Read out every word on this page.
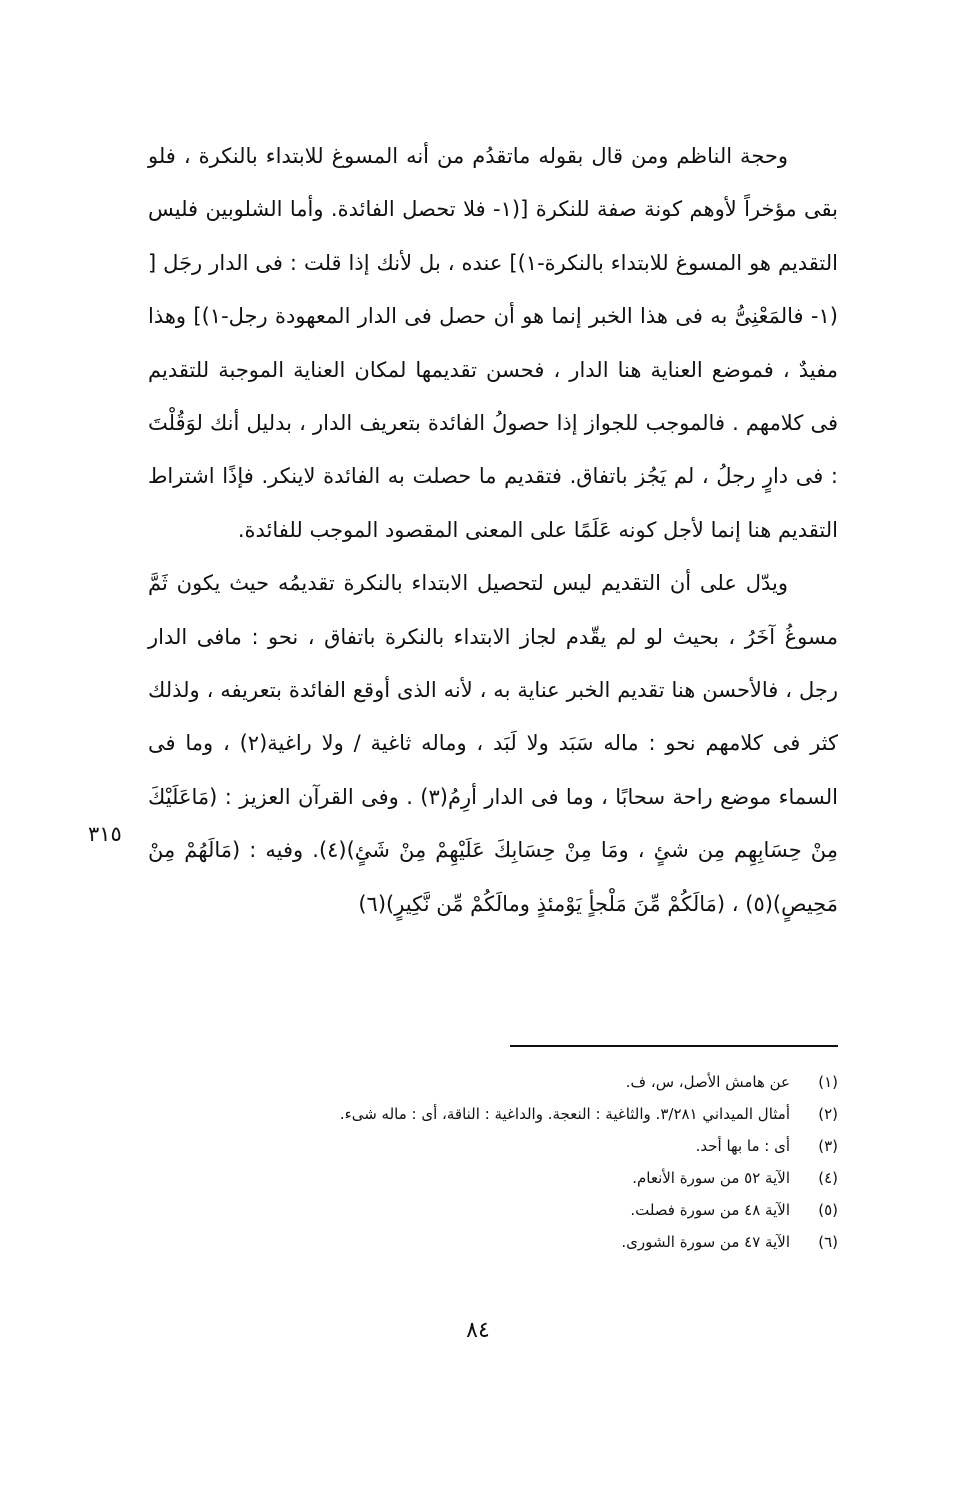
وحجة الناظم ومن قال بقوله ماتقدُم من أنه المسوغ للابتداء بالنكرة ، فلو بقى مؤخراً لأوهم كونة صفة للنكرة [(١- فلا تحصل الفائدة. وأما الشلوبين فليس التقديم هو المسوغ للابتداء بالنكرة-١)] عنده ، بل لأنك إذا قلت : فى الدار رجَل [ (١- فالمَعْنِىُّ به فى هذا الخبر إنما هو أن حصل فى الدار المعهودة رجل-١)] وهذا مفيدٌ ، فموضع العناية هنا الدار ، فحسن تقديمها لمكان العناية الموجبة للتقديم فى كلامهم . فالموجب للجواز إذا حصولُ الفائدة بتعريف الدار ، بدليل أنك لوَقُلْتَ : فى دارٍ رجلُ ، لم يَجُز باتفاق. فتقديم ما حصلت به الفائدة لاينكر. فإذًا اشتراط التقديم هنا إنما لأجل كونه عَلَمًا على المعنى المقصود الموجب للفائدة.

ويدّل على أن التقديم ليس لتحصيل الابتداء بالنكرة تقديمُه حيث يكون ثَمَّ مسوغُ آخَرُ ، بحيث لو لم يقّدم لجاز الابتداء بالنكرة باتفاق ، نحو : مافى الدار رجل ، فالأحسن هنا تقديم الخبر عناية به ، لأنه الذى أوقع الفائدة بتعريفه ، ولذلك كثر فى كلامهم نحو : ماله سَبَد ولا لَبَد ، وماله ثاغية / ولا راغية(٢) ، وما فى السماء موضع راحة سحابًا ، وما فى الدار أرِمُ(٣) . وفى القرآن العزيز : (مَاعَلَيْكَ مِنْ حِسَابِهِم مِن شئٍ ، ومَا مِنْ حِسَابِكَ عَلَيْهِمْ مِنْ شَئٍ)(٤). وفيه : (مَالَهُمْ مِنْ مَحِيصٍ)(٥) ، (مَالَكُمْ مِّنَ مَلْجأٍ يَوْمئذٍ ومالَكُمْ مِّن نَّكِيرٍ)(٦)

٣١٥
(١)
عن هامش الأصل، س، ف.
(٢)
أمثال الميداني ٣/٢٨١. والثاغية : النعجة. والداغية : الناقة، أى : ماله شىء.
(٣)
أى : ما بها أحد.
(٤)
الآية ٥٢ من سورة الأنعام.
(٥)
الآية ٤٨ من سورة فصلت.
(٦)
الآية ٤٧ من سورة الشورى.
٨٤
